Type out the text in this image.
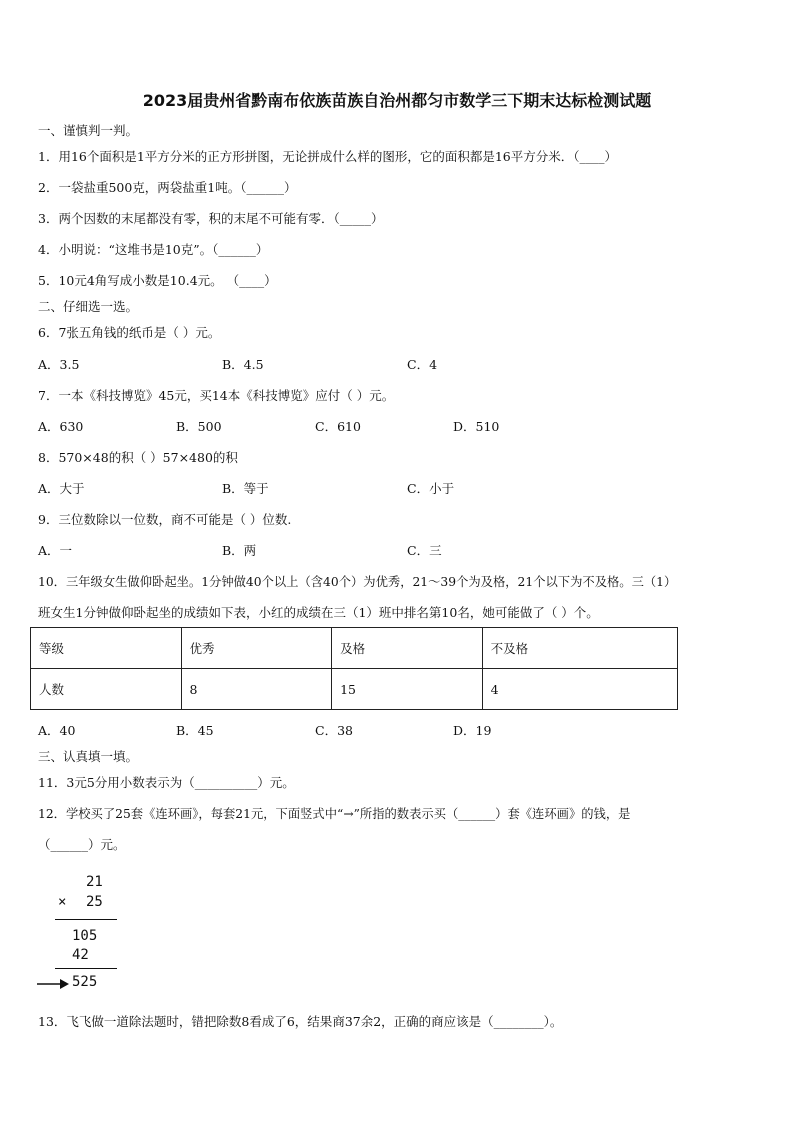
2023届贵州省黔南布依族苗族自治州都匀市数学三下期末达标检测试题
一、谨慎判一判。
1．用16个面积是1平方分米的正方形拼图，无论拼成什么样的图形，它的面积都是16平方分米．（____）
2．一袋盐重500克，两袋盐重1吨。（______）
3．两个因数的末尾都没有零，积的末尾不可能有零．（_____）
4．小明说：“这堆书是10克”。（______）
5．10元4角写成小数是10.4元。 （____）
二、仔细选一选。
6．7张五角钱的纸币是（ ）元。
A．3.5	B．4.5	C．4
7．一本《科技博览》45元，买14本《科技博览》应付（ ）元。
A．630	B．500	C．610	D．510
8．570×48的积（ ）57×480的积
A．大于	B．等于	C．小于
9．三位数除以一位数，商不可能是（ ）位数.
A．一	B．两	C．三
10．三年级女生做仰卧起坐。1分钟做40个以上（含40个）为优秀，21～39个为及格，21个以下为不及格。三（1）
班女生1分钟做仰卧起坐的成绩如下表，小红的成绩在三（1）班中排名第10名，她可能做了（ ）个。
等级	优秀	及格	不及格
人数	8	15	4
A．40	B．45	C．38	D．19
三、认真填一填。
11．3元5分用小数表示为（__________）元。
12．学校买了25套《连环画》，每套21元，下面竖式中“→”所指的数表示买（______）套《连环画》的钱，是
（______）元。
21
× 25
105
42
525
13．飞飞做一道除法题时，错把除数8看成了6，结果商37余2，正确的商应该是（________）。
